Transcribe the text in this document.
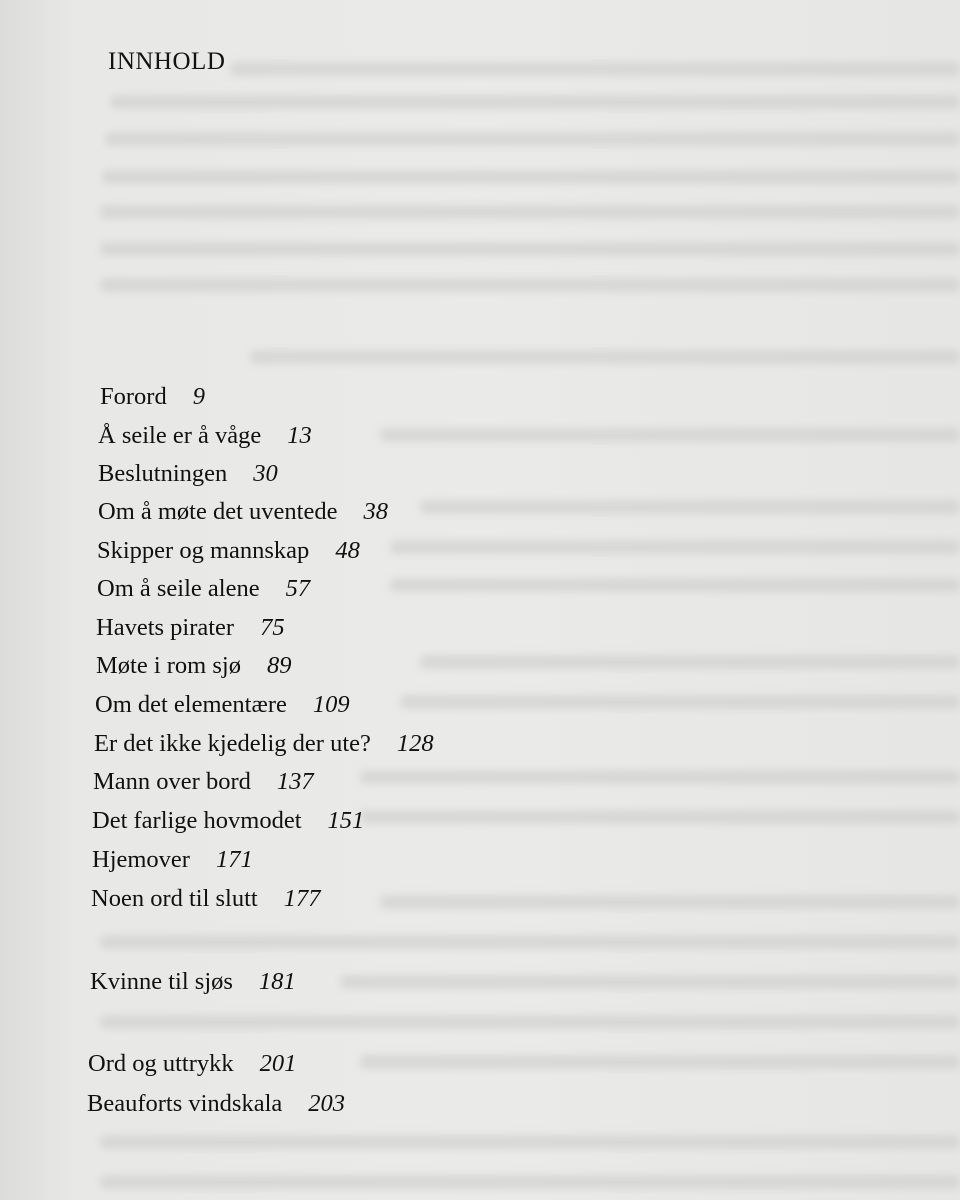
INNHOLD
Forord 9
Å seile er å våge 13
Beslutningen 30
Om å møte det uventede 38
Skipper og mannskap 48
Om å seile alene 57
Havets pirater 75
Møte i rom sjø 89
Om det elementære 109
Er det ikke kjedelig der ute? 128
Mann over bord 137
Det farlige hovmodet 151
Hjemover 171
Noen ord til slutt 177
Kvinne til sjøs 181
Ord og uttrykk 201
Beauforts vindskala 203
